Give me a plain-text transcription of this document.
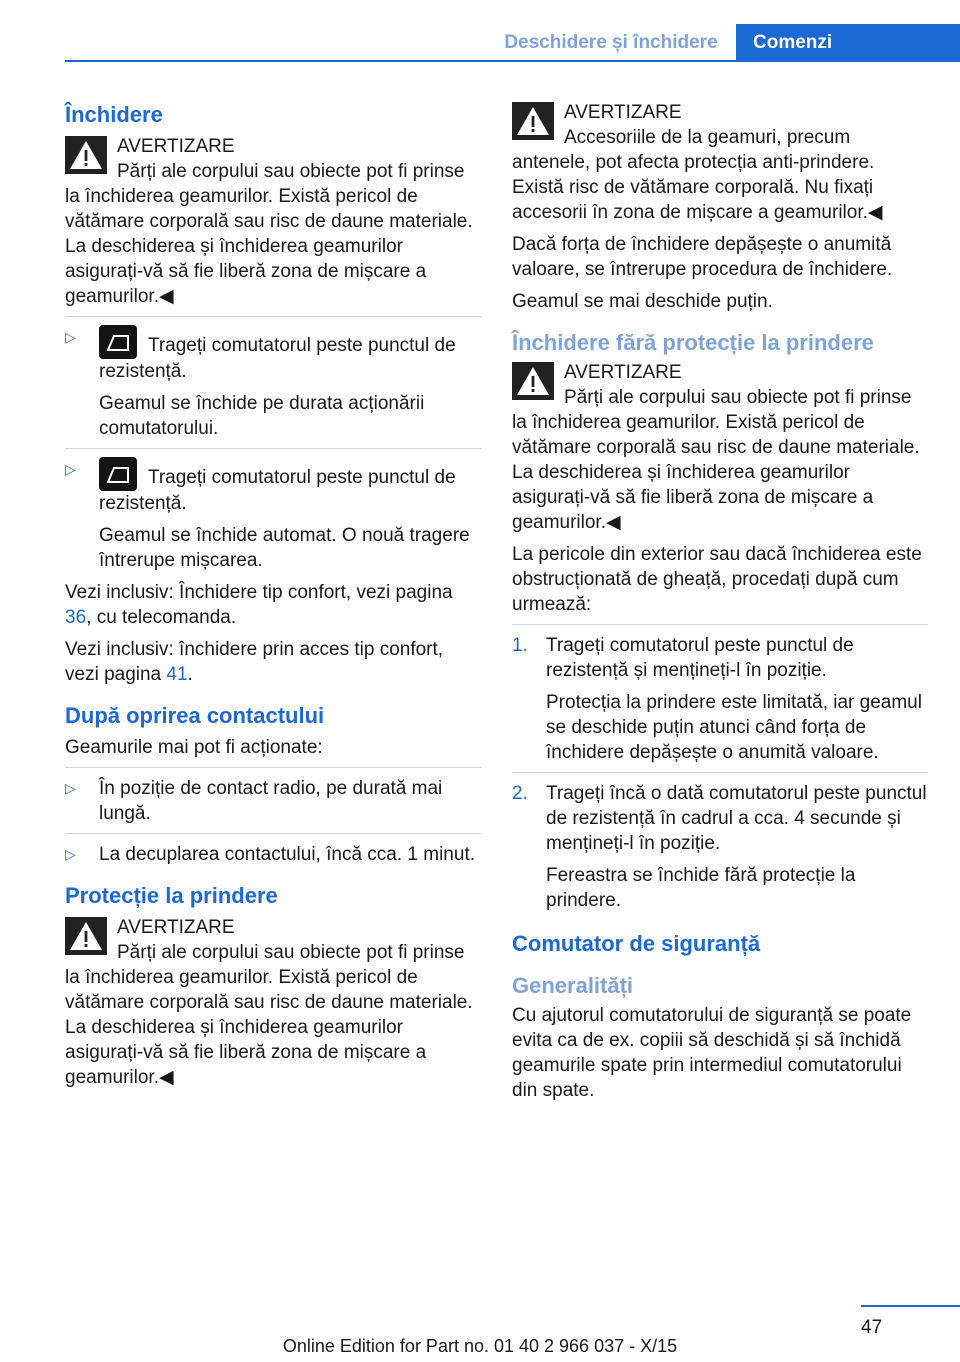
Deschidere și închidere	Comenzi
Închidere
AVERTIZARE
Părți ale corpului sau obiecte pot fi prinse la închiderea geamurilor. Există pericol de vătămare corporală sau risc de daune materiale. La deschiderea și închiderea geamurilor asigurați-vă să fie liberă zona de mișcare a geamurilor.◀
▷	Trageți comutatorul peste punctul de rezistență.
Geamul se închide pe durata acționării comutatorului.
▷	Trageți comutatorul peste punctul de rezistență.
Geamul se închide automat. O nouă tragere întrerupe mișcarea.

Vezi inclusiv: Închidere tip confort, vezi pagina 36, cu telecomanda.

Vezi inclusiv: închidere prin acces tip confort, vezi pagina 41.

După oprirea contactului

Geamurile mai pot fi acționate:

▷ În poziție de contact radio, pe durată mai lungă.
▷ La decuplarea contactului, încă cca. 1 minut.
Protecție la prindere
AVERTIZARE
Părți ale corpului sau obiecte pot fi prinse la închiderea geamurilor. Există pericol de vătămare corporală sau risc de daune materiale. La deschiderea și închiderea geamurilor asigurați-vă să fie liberă zona de mișcare a geamurilor.◀
AVERTIZARE
Accesoriile de la geamuri, precum antenele, pot afecta protecția anti-prindere. Există risc de vătămare corporală. Nu fixați accesorii în zona de mișcare a geamurilor.◀

Dacă forța de închidere depășește o anumită valoare, se întrerupe procedura de închidere.

Geamul se mai deschide puțin.

Închidere fără protecție la prindere
AVERTIZARE
Părți ale corpului sau obiecte pot fi prinse la închiderea geamurilor. Există pericol de vătămare corporală sau risc de daune materiale. La deschiderea și închiderea geamurilor asigurați-vă să fie liberă zona de mișcare a geamurilor.◀

La pericole din exterior sau dacă închiderea este obstrucționată de gheață, procedați după cum urmează:

1. Trageți comutatorul peste punctul de rezistență și mențineți-l în poziție.
Protecția la prindere este limitată, iar geamul se deschide puțin atunci când forța de închidere depășește o anumită valoare.
2. Trageți încă o dată comutatorul peste punctul de rezistență în cadrul a cca. 4 secunde și mențineți-l în poziție.
Fereastra se închide fără protecție la prindere.
Comutator de siguranță
Generalități

Cu ajutorul comutatorului de siguranță se poate evita ca de ex. copiii să deschidă și să închidă geamurile spate prin intermediul comutatorului din spate.

47
Online Edition for Part no. 01 40 2 966 037 - X/15
